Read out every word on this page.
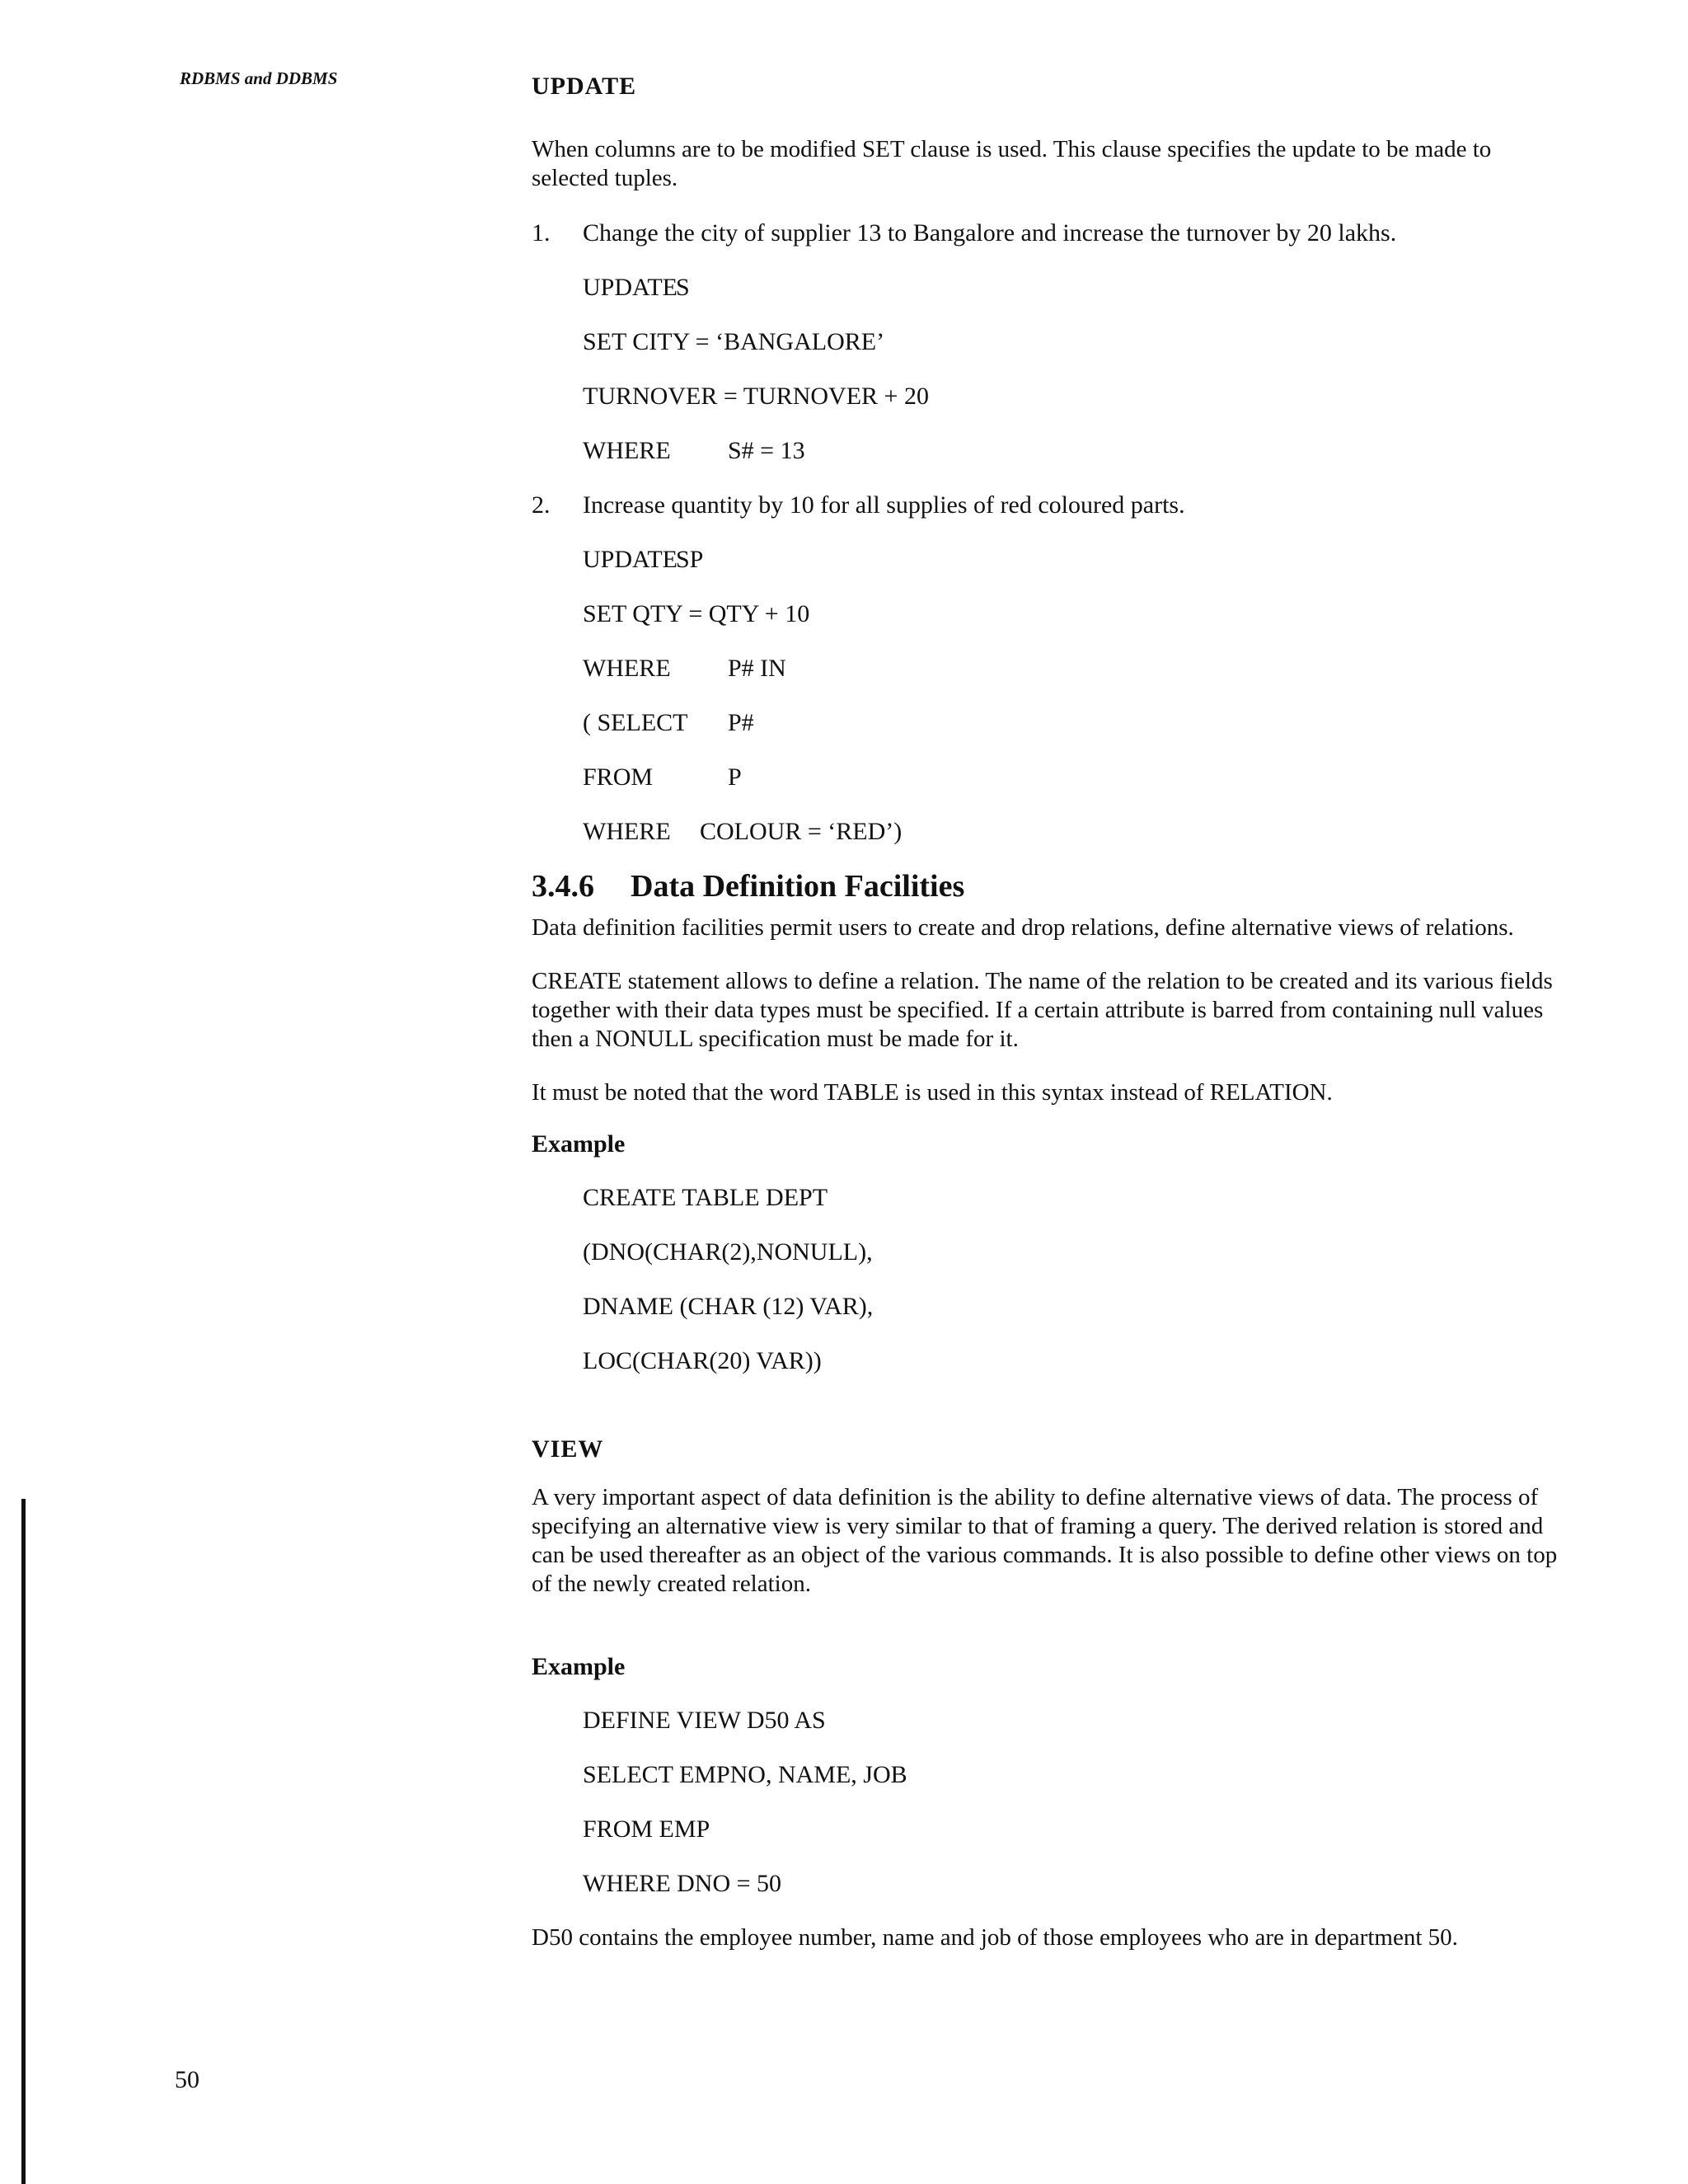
RDBMS and DDBMS	UPDATE

When columns are to be modified SET clause is used. This clause specifies the update to be made to selected tuples.

1. Change the city of supplier 13 to Bangalore and increase the turnover by 20 lakhs.
UPDATE
S
SET CITY = ‘BANGALORE’
TURNOVER = TURNOVER + 20
WHERE	S# = 13
2. Increase quantity by 10 for all supplies of red coloured parts.
UPDATE
SP
SET QTY = QTY + 10
WHERE	P# IN
( SELECT	P#
FROM	P
WHERE	COLOUR = ‘RED’)

3.4.6 Data Definition Facilities

Data definition facilities permit users to create and drop relations, define alternative views of relations.

CREATE statement allows to define a relation. The name of the relation to be created and its various fields together with their data types must be specified. If a certain attribute is barred from containing null values then a NONULL specification must be made for it.

It must be noted that the word TABLE is used in this syntax instead of RELATION.

Example

CREATE TABLE DEPT
(DNO(CHAR(2),NONULL),
DNAME (CHAR (12) VAR),
LOC(CHAR(20) VAR))

VIEW

A very important aspect of data definition is the ability to define alternative views of data. The process of specifying an alternative view is very similar to that of framing a query. The derived relation is stored and can be used thereafter as an object of the various commands. It is also possible to define other views on top of the newly created relation.

Example

DEFINE VIEW D50 AS
SELECT EMPNO, NAME, JOB
FROM EMP
WHERE DNO = 50

D50 contains the employee number, name and job of those employees who are in department 50.

50
